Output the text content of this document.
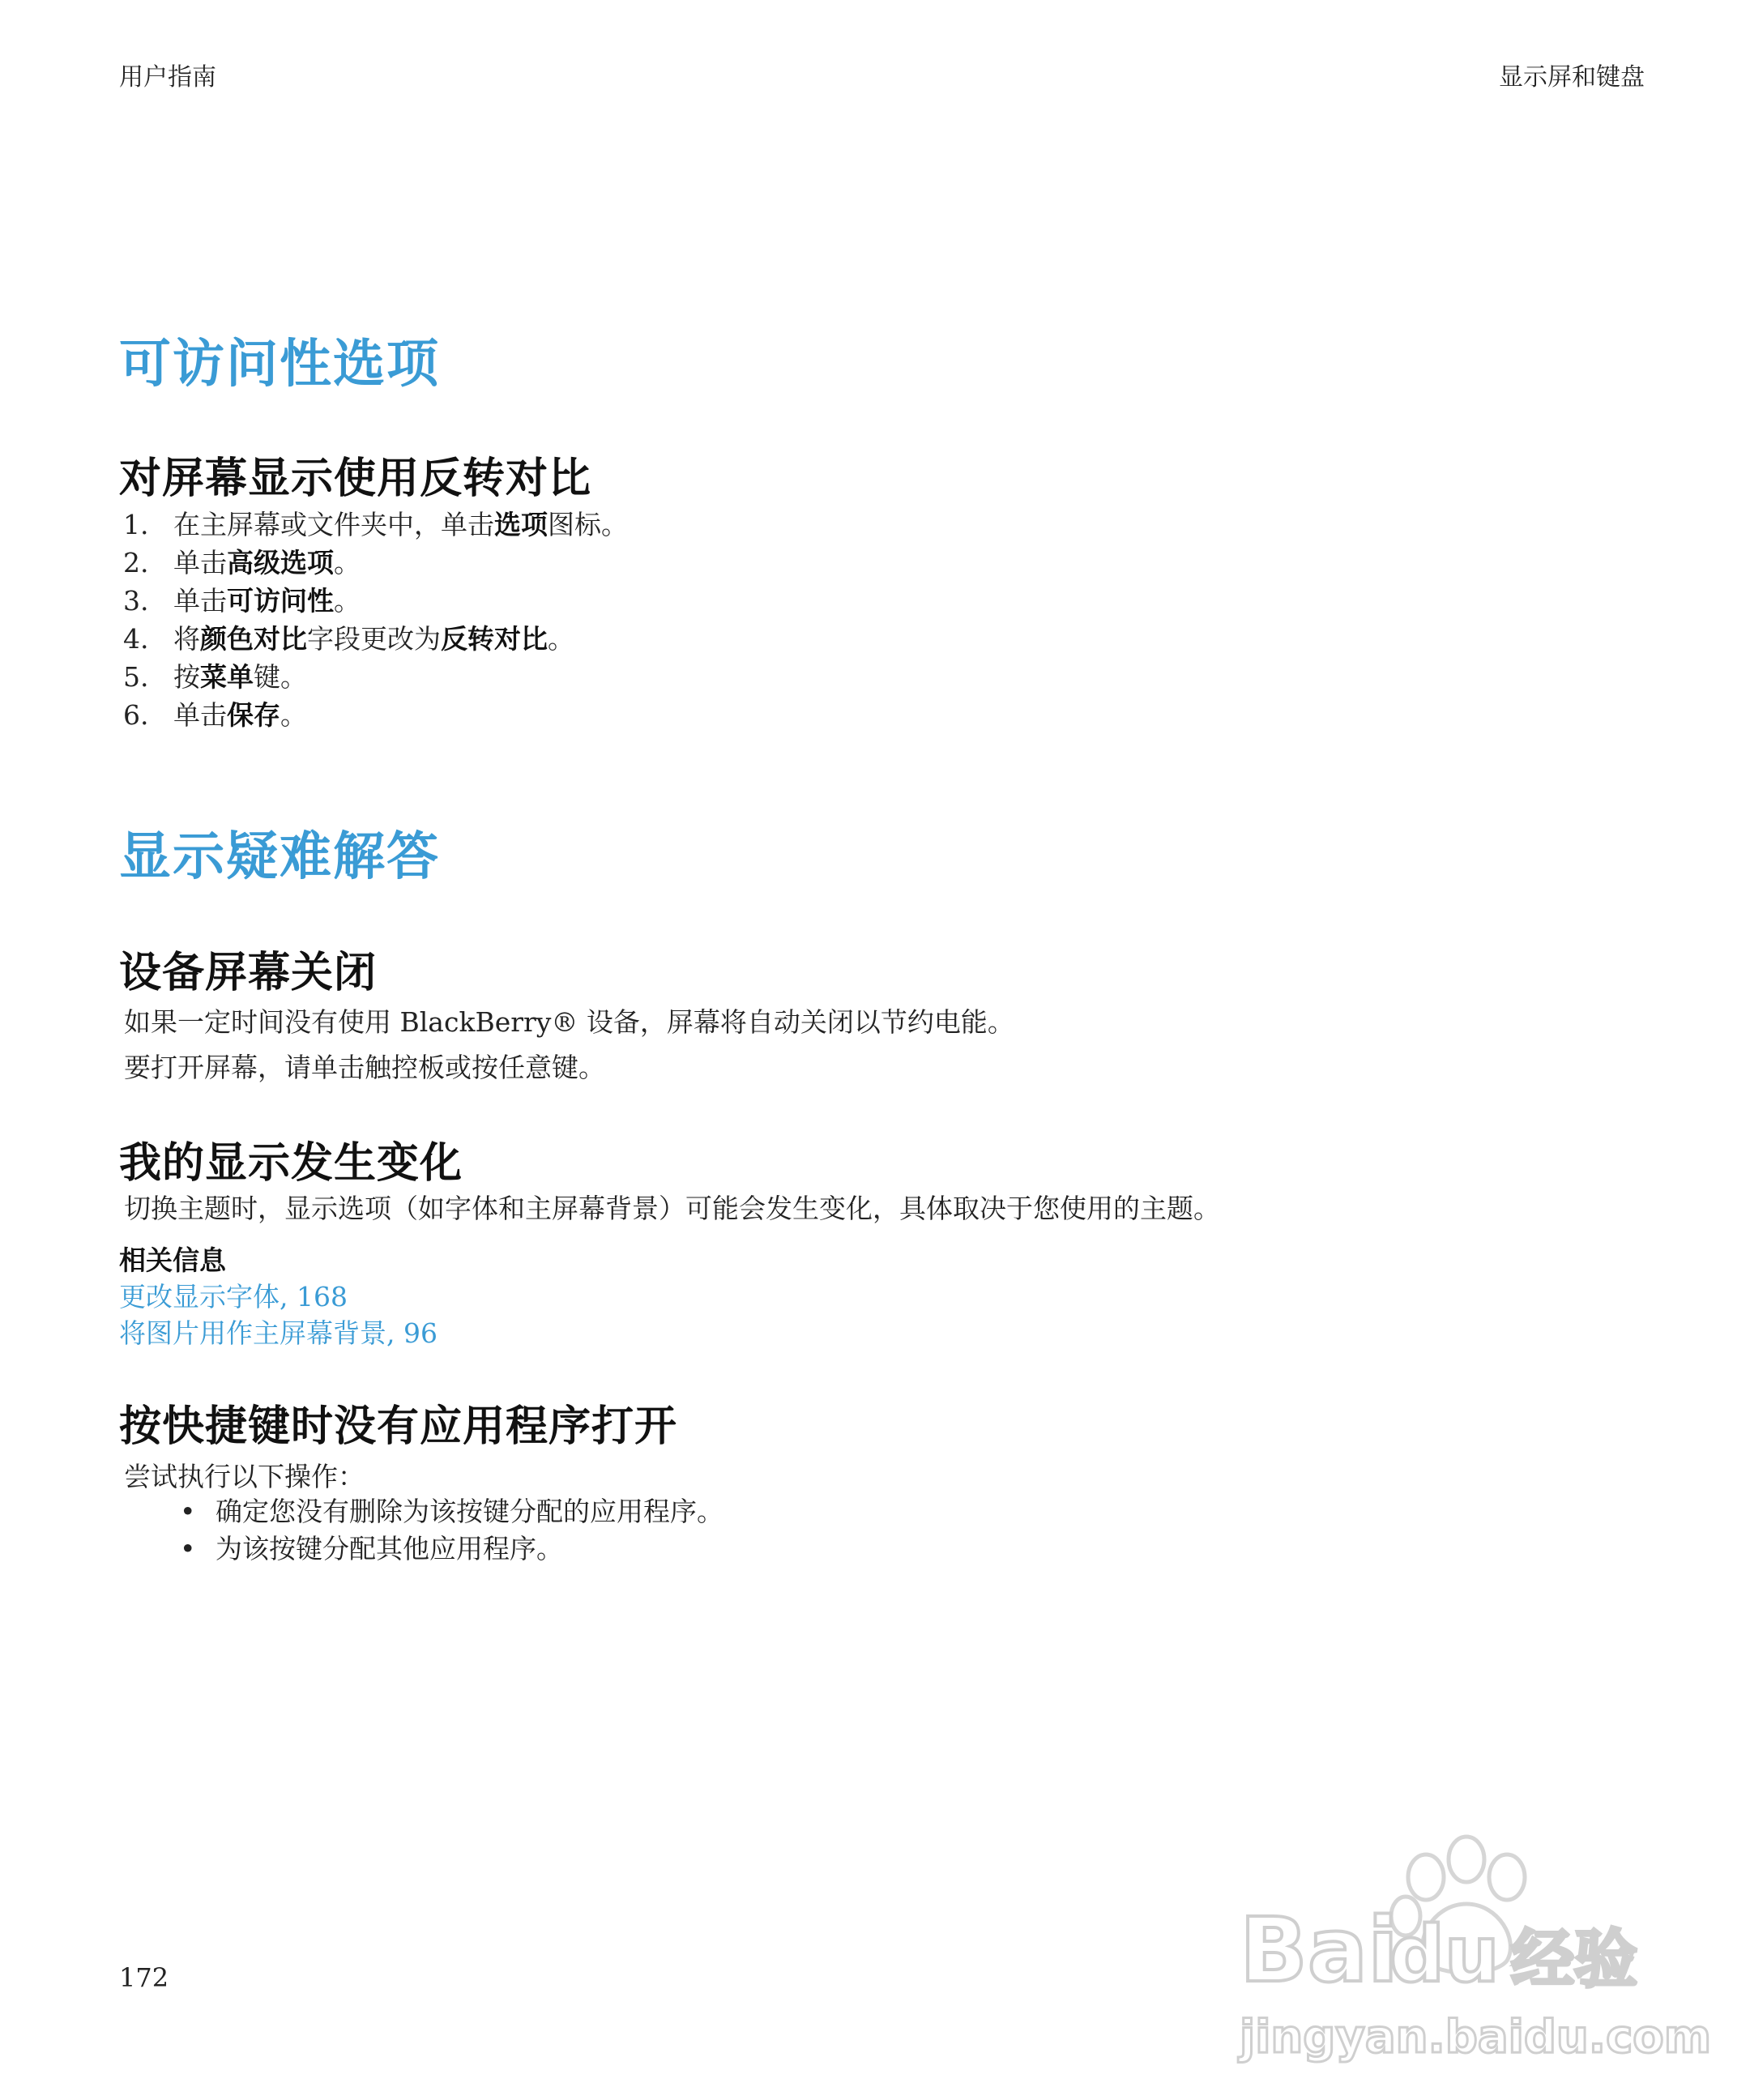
用户指南	显示屏和键盘
可访问性选项
对屏幕显示使用反转对比
1. 在主屏幕或文件夹中，单击选项图标。
2. 单击高级选项。
3. 单击可访问性。
4. 将颜色对比字段更改为反转对比。
5. 按菜单键。
6. 单击保存。
显示疑难解答
设备屏幕关闭
如果一定时间没有使用 BlackBerry® 设备，屏幕将自动关闭以节约电能。
要打开屏幕，请单击触控板或按任意键。
我的显示发生变化
切换主题时，显示选项（如字体和主屏幕背景）可能会发生变化，具体取决于您使用的主题。
相关信息
更改显示字体, 168
将图片用作主屏幕背景, 96
按快捷键时没有应用程序打开
尝试执行以下操作：
• 确定您没有删除为该按键分配的应用程序。
• 为该按键分配其他应用程序。
172	Bai
du 经验
jingyan.baidu.com
